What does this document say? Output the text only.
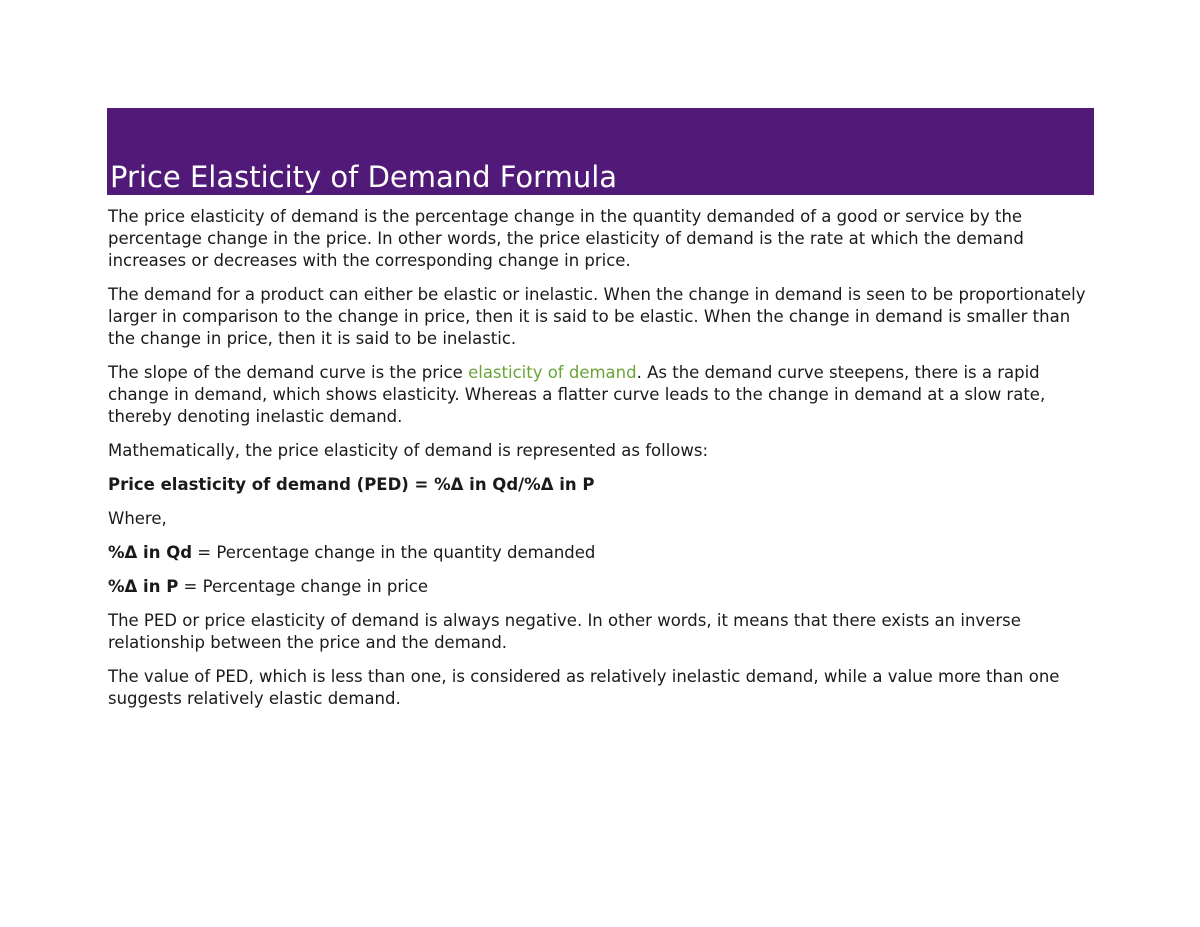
Price Elasticity of Demand Formula

The price elasticity of demand is the percentage change in the quantity demanded of a good or service by the percentage change in the price. In other words, the price elasticity of demand is the rate at which the demand increases or decreases with the corresponding change in price.

The demand for a product can either be elastic or inelastic. When the change in demand is seen to be proportionately larger in comparison to the change in price, then it is said to be elastic. When the change in demand is smaller than the change in price, then it is said to be inelastic.

The slope of the demand curve is the price elasticity of demand. As the demand curve steepens, there is a rapid change in demand, which shows elasticity. Whereas a flatter curve leads to the change in demand at a slow rate, thereby denoting inelastic demand.

Mathematically, the price elasticity of demand is represented as follows:

Price elasticity of demand (PED) = %Δ in Qd/%Δ in P

Where,

%Δ in Qd = Percentage change in the quantity demanded

%Δ in P = Percentage change in price

The PED or price elasticity of demand is always negative. In other words, it means that there exists an inverse relationship between the price and the demand.

The value of PED, which is less than one, is considered as relatively inelastic demand, while a value more than one suggests relatively elastic demand.
